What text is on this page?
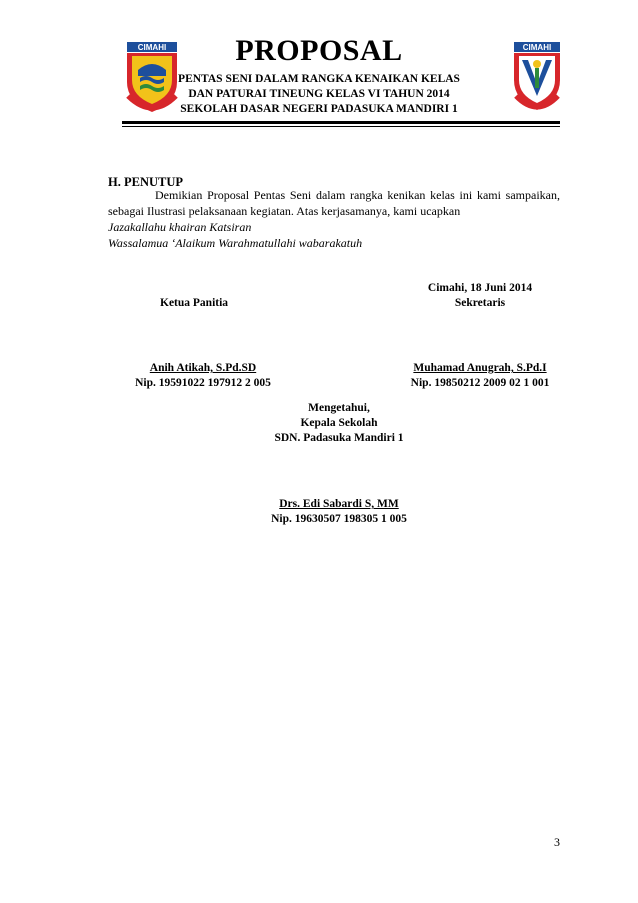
CIMAHI	CIMAHI
PROPOSAL
PENTAS SENI DALAM RANGKA KENAIKAN KELAS
DAN PATURAI TINEUNG KELAS VI TAHUN 2014
SEKOLAH DASAR NEGERI PADASUKA MANDIRI 1
H. PENUTUP
Demikian Proposal Pentas Seni dalam rangka kenikan kelas ini kami sampaikan, sebagai Ilustrasi pelaksanaan kegiatan. Atas kerjasamanya, kami ucapkan
Jazakallahu khairan Katsiran
Wassalamua ‘Alaikum Warahmatullahi wabarakatuh
Cimahi, 18 Juni 2014
Ketua Panitia	Sekretaris
Anih Atikah, S.Pd.SD
Nip. 19591022 197912 2 005
Muhamad Anugrah, S.Pd.I
Nip. 19850212 2009 02 1 001
Mengetahui,
Kepala Sekolah
SDN. Padasuka Mandiri 1
Drs. Edi Sabardi S, MM
Nip. 19630507 198305 1 005
3
